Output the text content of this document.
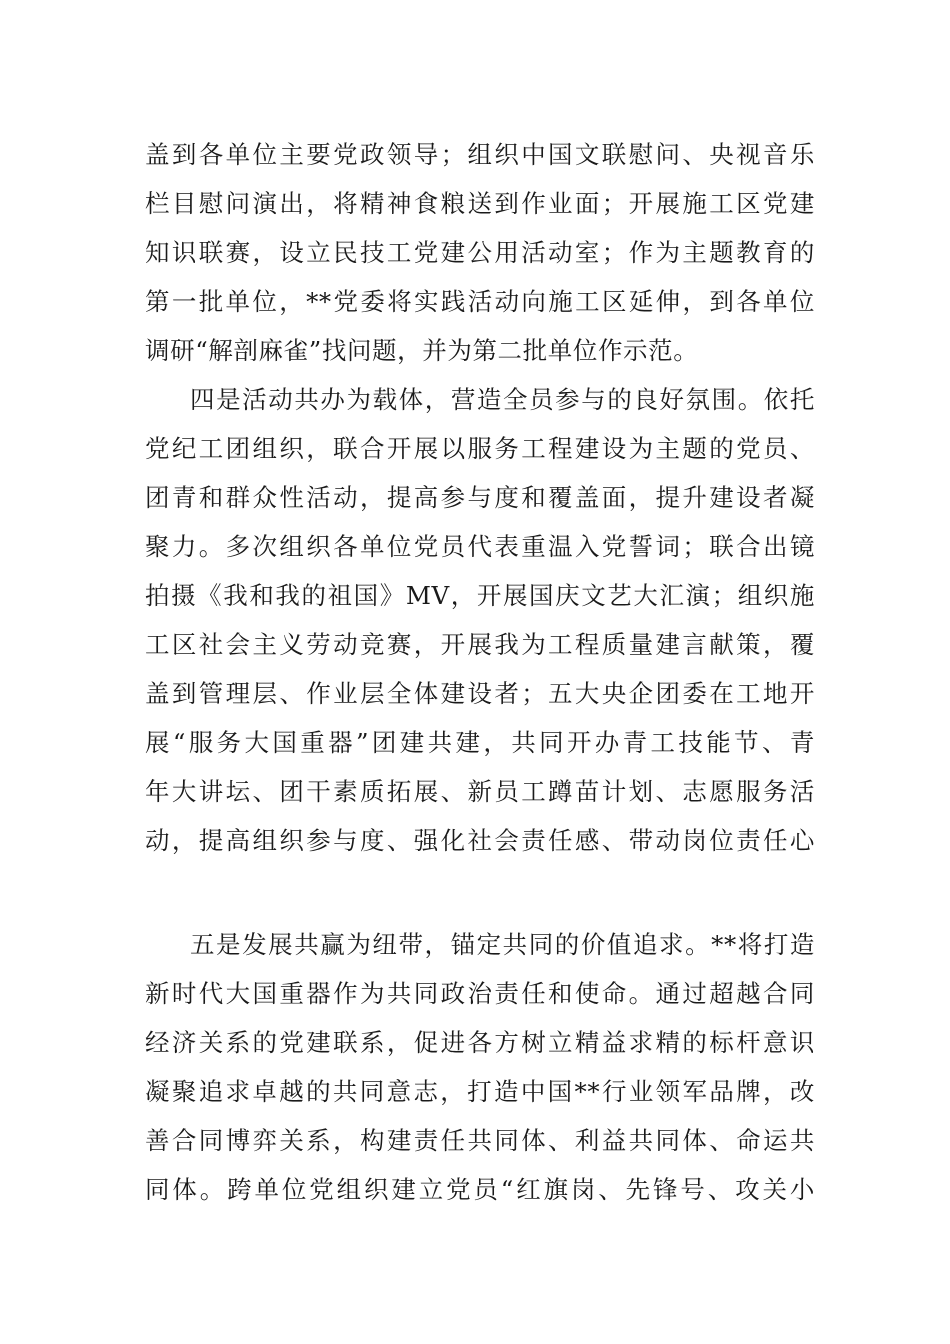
盖到各单位主要党政领导；组织中国文联慰问、央视音乐
栏目慰问演出，将精神食粮送到作业面；开展施工区党建
知识联赛，设立民技工党建公用活动室；作为主题教育的
第一批单位，**党委将实践活动向施工区延伸，到各单位
调研“解剖麻雀”找问题，并为第二批单位作示范。
四是活动共办为载体，营造全员参与的良好氛围。依托
党纪工团组织，联合开展以服务工程建设为主题的党员、
团青和群众性活动，提高参与度和覆盖面，提升建设者凝
聚力。多次组织各单位党员代表重温入党誓词；联合出镜
拍摄《我和我的祖国》MV，开展国庆文艺大汇演；组织施
工区社会主义劳动竞赛，开展我为工程质量建言献策，覆
盖到管理层、作业层全体建设者；五大央企团委在工地开
展“服务大国重器”团建共建，共同开办青工技能节、青
年大讲坛、团干素质拓展、新员工蹲苗计划、志愿服务活
动，提高组织参与度、强化社会责任感、带动岗位责任心
五是发展共赢为纽带，锚定共同的价值追求。**将打造
新时代大国重器作为共同政治责任和使命。通过超越合同
经济关系的党建联系，促进各方树立精益求精的标杆意识
凝聚追求卓越的共同意志，打造中国**行业领军品牌，改
善合同博弈关系，构建责任共同体、利益共同体、命运共
同体。跨单位党组织建立党员“红旗岗、先锋号、攻关小
